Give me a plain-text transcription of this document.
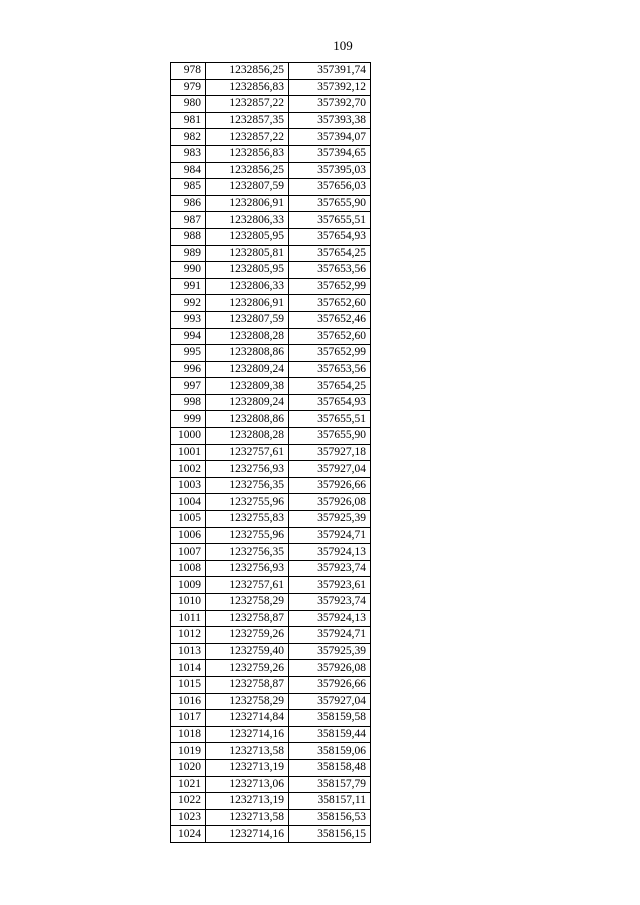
109
978	1232856,25	357391,74
979	1232856,83	357392,12
980	1232857,22	357392,70
981	1232857,35	357393,38
982	1232857,22	357394,07
983	1232856,83	357394,65
984	1232856,25	357395,03
985	1232807,59	357656,03
986	1232806,91	357655,90
987	1232806,33	357655,51
988	1232805,95	357654,93
989	1232805,81	357654,25
990	1232805,95	357653,56
991	1232806,33	357652,99
992	1232806,91	357652,60
993	1232807,59	357652,46
994	1232808,28	357652,60
995	1232808,86	357652,99
996	1232809,24	357653,56
997	1232809,38	357654,25
998	1232809,24	357654,93
999	1232808,86	357655,51
1000	1232808,28	357655,90
1001	1232757,61	357927,18
1002	1232756,93	357927,04
1003	1232756,35	357926,66
1004	1232755,96	357926,08
1005	1232755,83	357925,39
1006	1232755,96	357924,71
1007	1232756,35	357924,13
1008	1232756,93	357923,74
1009	1232757,61	357923,61
1010	1232758,29	357923,74
1011	1232758,87	357924,13
1012	1232759,26	357924,71
1013	1232759,40	357925,39
1014	1232759,26	357926,08
1015	1232758,87	357926,66
1016	1232758,29	357927,04
1017	1232714,84	358159,58
1018	1232714,16	358159,44
1019	1232713,58	358159,06
1020	1232713,19	358158,48
1021	1232713,06	358157,79
1022	1232713,19	358157,11
1023	1232713,58	358156,53
1024	1232714,16	358156,15
